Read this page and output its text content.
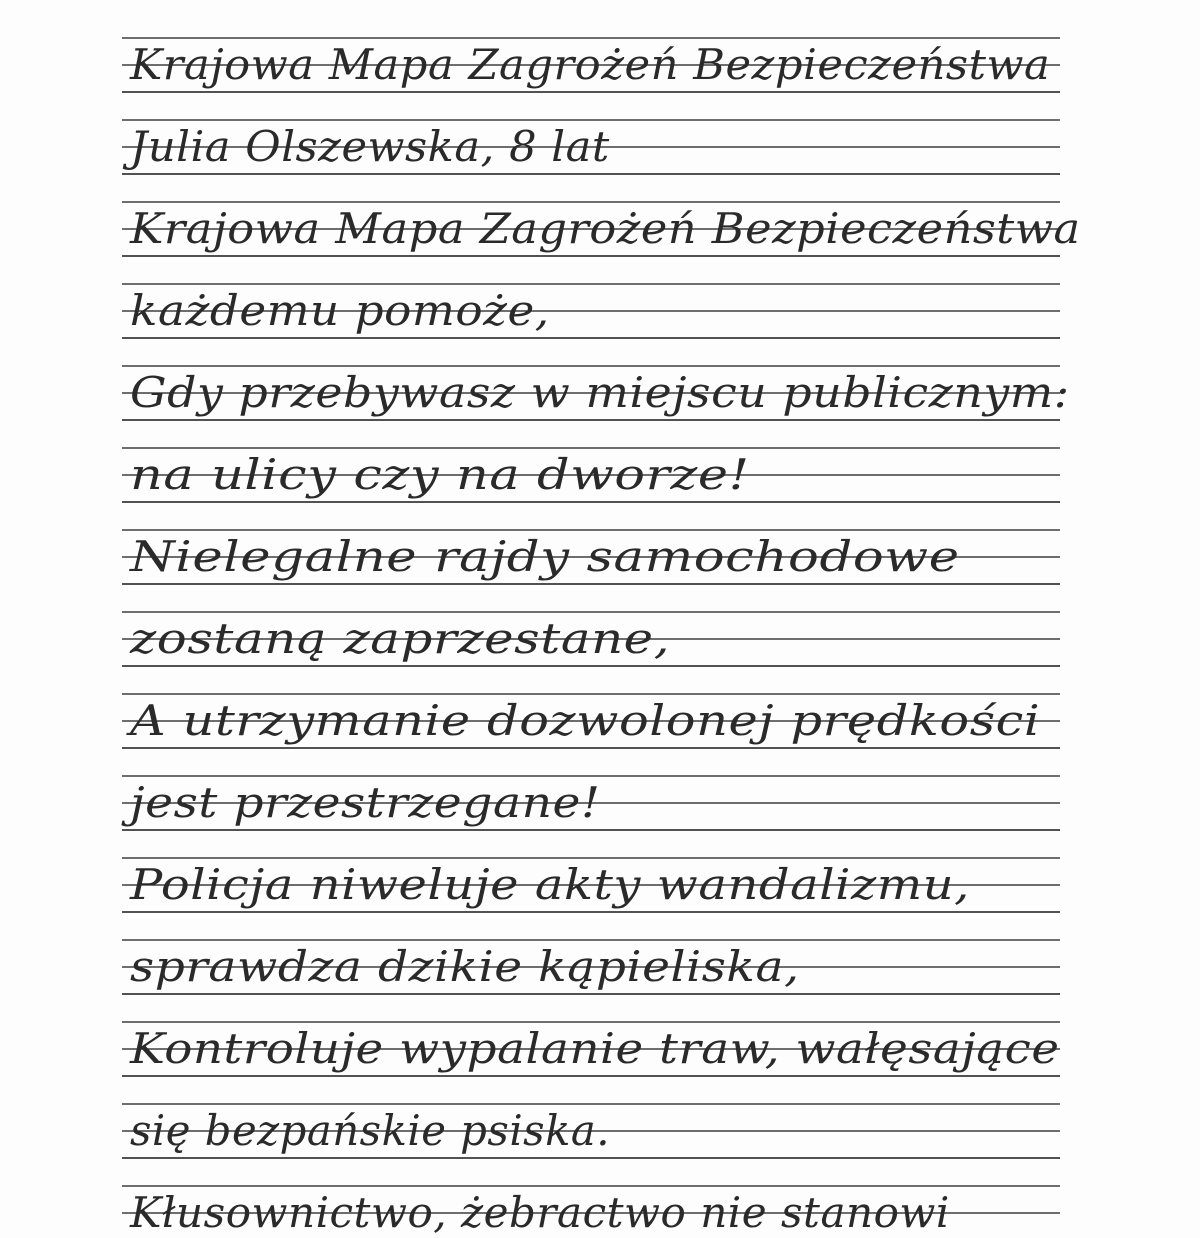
Krajowa Mapa Zagrożeń Bezpieczeństwa
Julia Olszewska, 8 lat
Krajowa Mapa Zagrożeń Bezpieczeństwa
każdemu pomoże,
Gdy przebywasz w miejscu publicznym:
na ulicy czy na dworze!
Nielegalne rajdy samochodowe
zostaną zaprzestane,
A utrzymanie dozwolonej prędkości
jest przestrzegane!
Policja niweluje akty wandalizmu,
sprawdza dzikie kąpieliska,
Kontroluje wypalanie traw, wałęsające
się bezpańskie psiska.
Kłusownictwo, żebractwo nie stanowi
